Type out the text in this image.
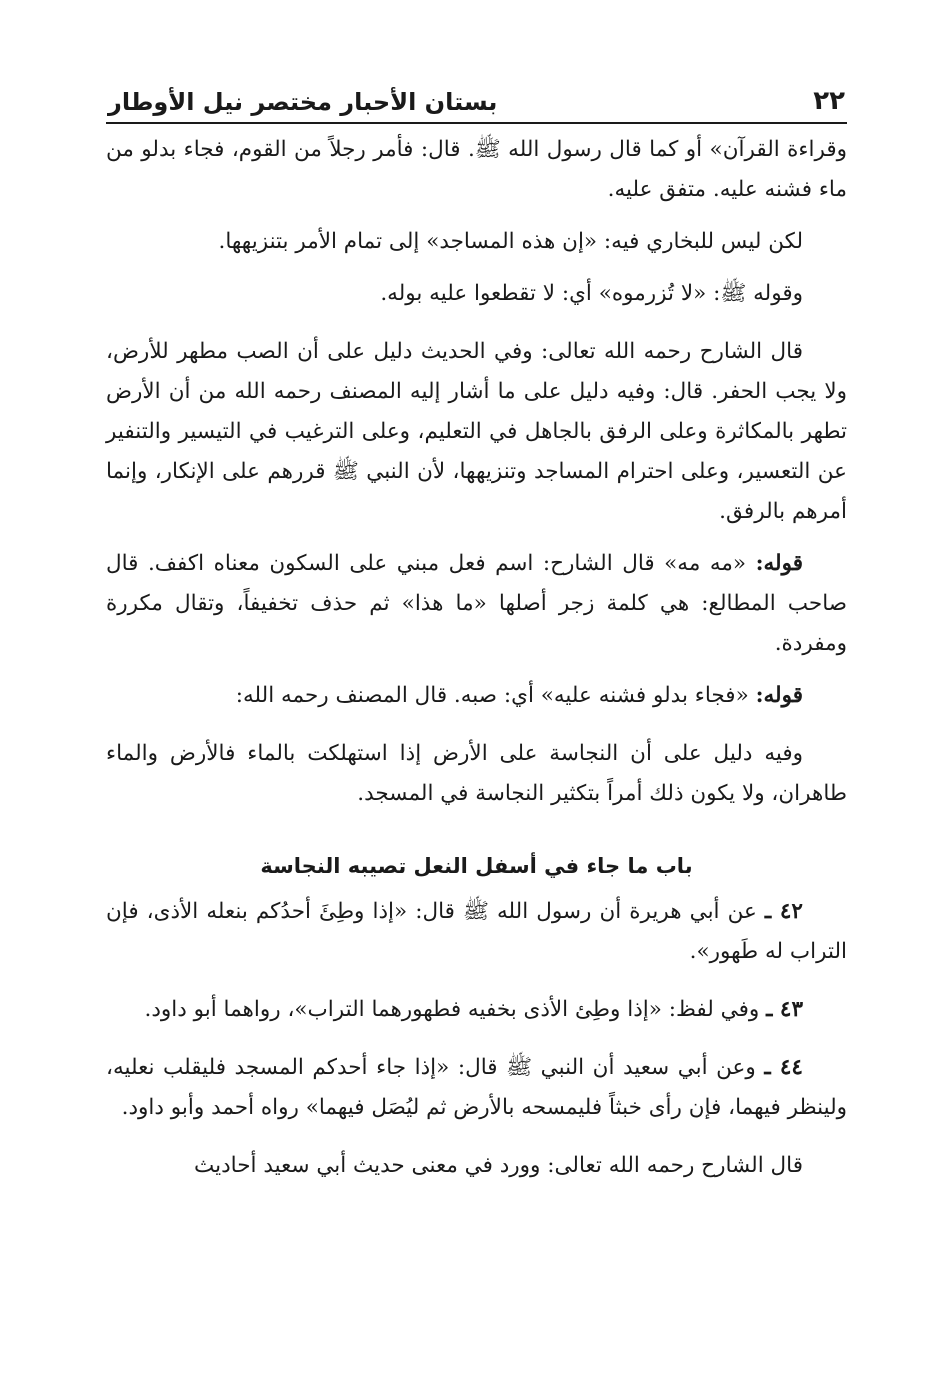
٢٢
بستان الأحبار مختصر نيل الأوطار

وقراءة القرآن» أو كما قال رسول الله ﷺ. قال: فأمر رجلاً من القوم، فجاء بدلو من ماء فشنه عليه. متفق عليه.

لكن ليس للبخاري فيه: «إن هذه المساجد» إلى تمام الأمر بتنزيهها.

وقوله ﷺ: «لا تُزرموه» أي: لا تقطعوا عليه بوله.

قال الشارح رحمه الله تعالى: وفي الحديث دليل على أن الصب مطهر للأرض، ولا يجب الحفر. قال: وفيه دليل على ما أشار إليه المصنف رحمه الله من أن الأرض تطهر بالمكاثرة وعلى الرفق بالجاهل في التعليم، وعلى الترغيب في التيسير والتنفير عن التعسير، وعلى احترام المساجد وتنزيهها، لأن النبي ﷺ قررهم على الإنكار، وإنما أمرهم بالرفق.

قوله: «مه مه» قال الشارح: اسم فعل مبني على السكون معناه اكفف. قال صاحب المطالع: هي كلمة زجر أصلها «ما هذا» ثم حذف تخفيفاً، وتقال مكررة ومفردة.

قوله: «فجاء بدلو فشنه عليه» أي: صبه. قال المصنف رحمه الله:

وفيه دليل على أن النجاسة على الأرض إذا استهلكت بالماء فالأرض والماء طاهران، ولا يكون ذلك أمراً بتكثير النجاسة في المسجد.

باب ما جاء في أسفل النعل تصيبه النجاسة

٤٢ ـ عن أبي هريرة أن رسول الله ﷺ قال: «إذا وطِئَ أحدُكم بنعله الأذى، فإن التراب له طَهور».

٤٣ ـ وفي لفظ: «إذا وطِئ الأذى بخفيه فطهورهما التراب»، رواهما أبو داود.

٤٤ ـ وعن أبي سعيد أن النبي ﷺ قال: «إذا جاء أحدكم المسجد فليقلب نعليه، ولينظر فيهما، فإن رأى خبثاً فليمسحه بالأرض ثم ليُصَل فيهما» رواه أحمد وأبو داود.

قال الشارح رحمه الله تعالى: وورد في معنى حديث أبي سعيد أحاديث
